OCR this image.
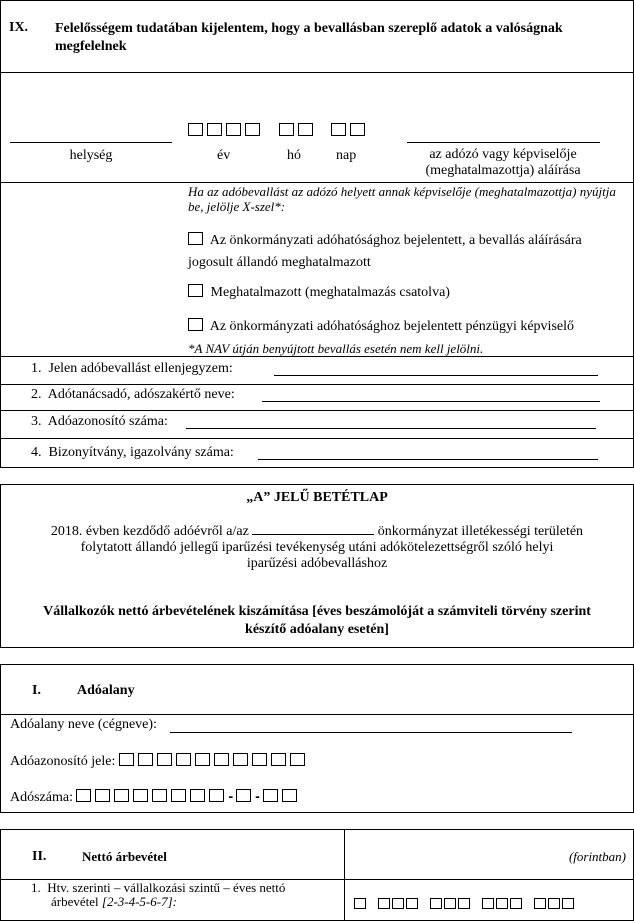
IX. Felelősségem tudatában kijelentem, hogy a bevallásban szereplő adatok a valóságnak megfelelnek
helység	év	hó	nap	az adózó vagy képviselője
(meghatalmazottja) aláírása
Ha az adóbevallást az adózó helyett annak képviselője (meghatalmazottja) nyújtja be, jelölje X-szel*:
Az önkormányzati adóhatósághoz bejelentett, a bevallás aláírására jogosult állandó meghatalmazott
Meghatalmazott (meghatalmazás csatolva)
Az önkormányzati adóhatósághoz bejelentett pénzügyi képviselő
*A NAV útján benyújtott bevallás esetén nem kell jelölni.
1. Jelen adóbevallást ellenjegyzem:
2. Adótanácsadó, adószakértő neve:
3. Adóazonosító száma:
4. Bizonyítvány, igazolvány száma:
„A” JELŰ BETÉTLAP
2018. évben kezdődő adóévről a/az	önkormányzat illetékességi területén
folytatott állandó jellegű iparűzési tevékenység utáni adókötelezettségről szóló helyi
iparűzési adóbevalláshoz
Vállalkozók nettó árbevételének kiszámítása [éves beszámolóját a számviteli törvény szerint
készítő adóalany esetén]
I.	Adóalany
Adóalany neve (cégneve):
Adóazonosító jele:
Adószáma:	- -
II.	Nettó árbevétel	(forintban)
1. Htv. szerinti – vállalkozási szintű – éves nettó
árbevétel [2-3-4-5-6-7]:
